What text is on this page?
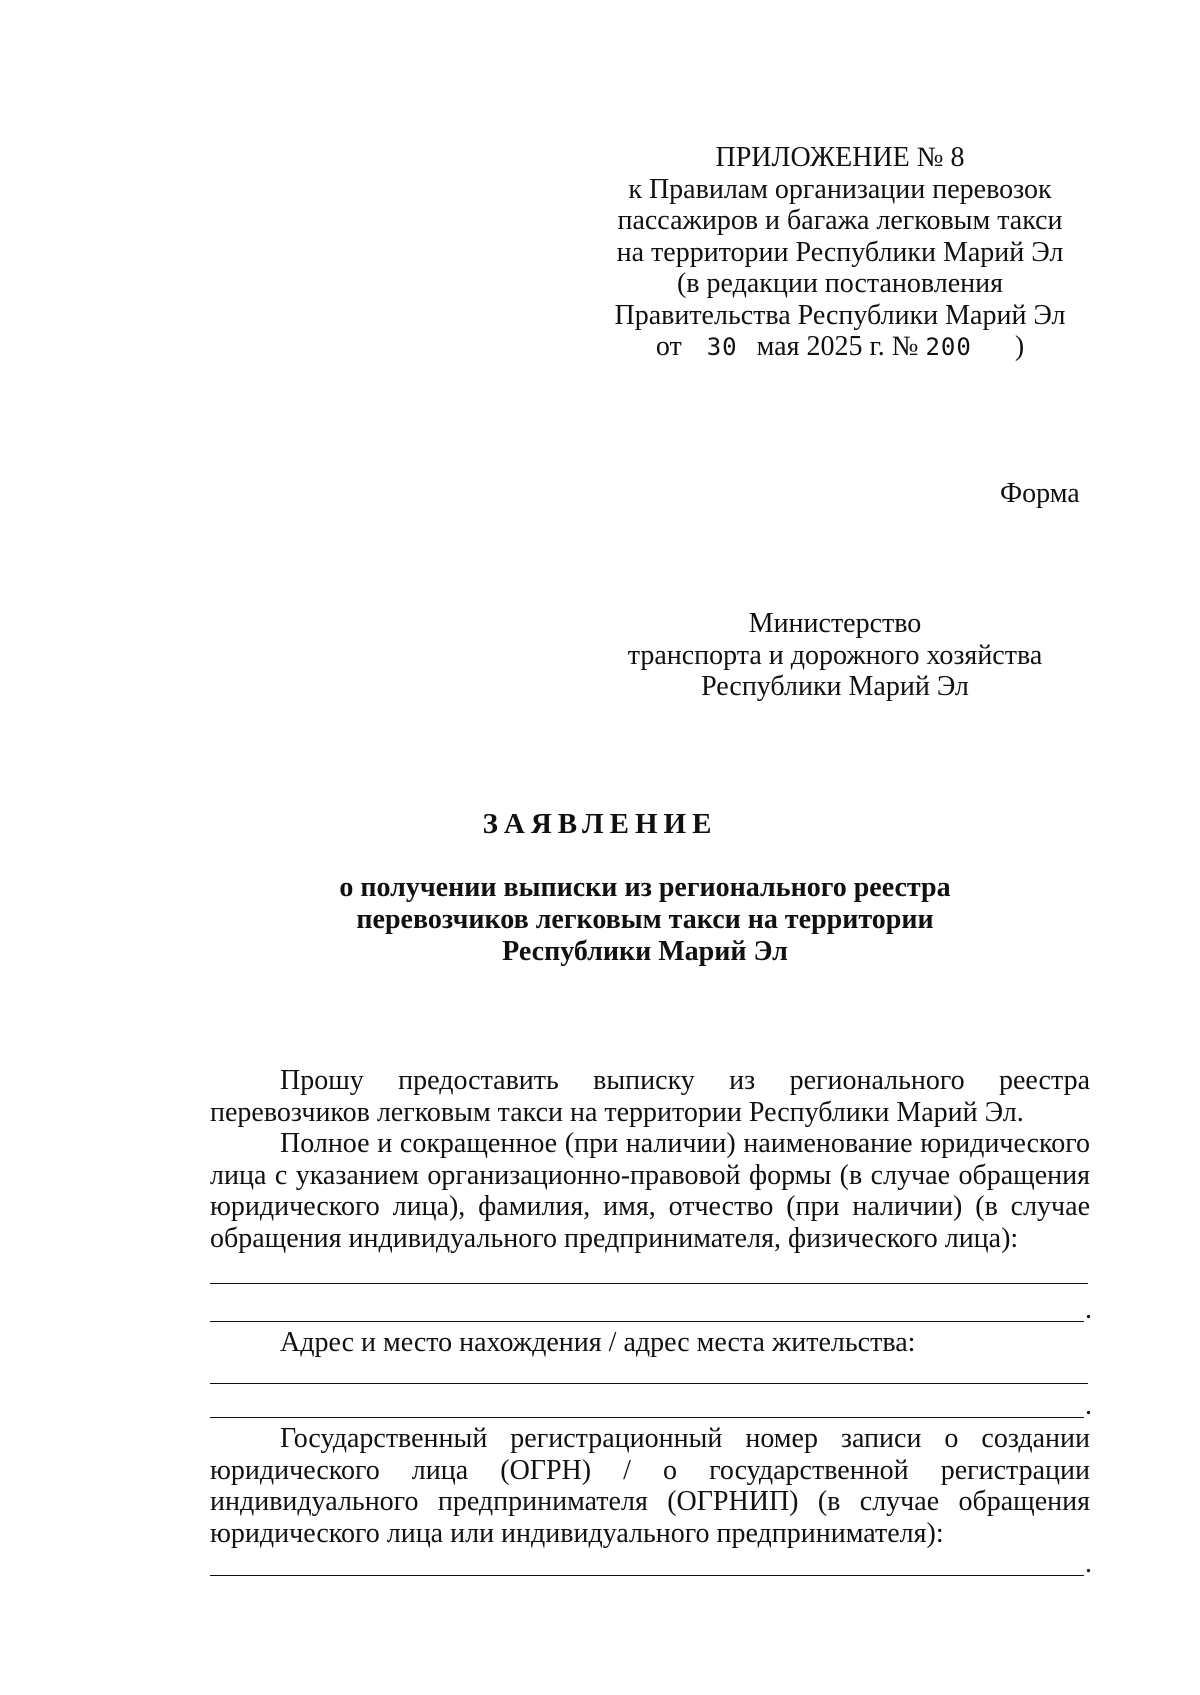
ПРИЛОЖЕНИЕ № 8
к Правилам организации перевозок
пассажиров и багажа легковым такси
на территории Республики Марий Эл
(в редакции постановления
Правительства Республики Марий Эл
от 30 мая 2025 г. № 200 )
Форма
Министерство
транспорта и дорожного хозяйства
Республики Марий Эл
ЗАЯВЛЕНИЕ
о получении выписки из регионального реестра
перевозчиков легковым такси на территории
Республики Марий Эл
Прошу предоставить выписку из регионального реестра
перевозчиков легковым такси на территории Республики Марий Эл.
Полное и сокращенное (при наличии) наименование юридического
лица с указанием организационно-правовой формы (в случае обращения
юридического лица), фамилия, имя, отчество (при наличии) (в случае
обращения индивидуального предпринимателя, физического лица):
.
Адрес и место нахождения / адрес места жительства:
.
Государственный регистрационный номер записи о создании
юридического лица (ОГРН) / о государственной регистрации
индивидуального предпринимателя (ОГРНИП) (в случае обращения
юридического лица или индивидуального предпринимателя):
.
